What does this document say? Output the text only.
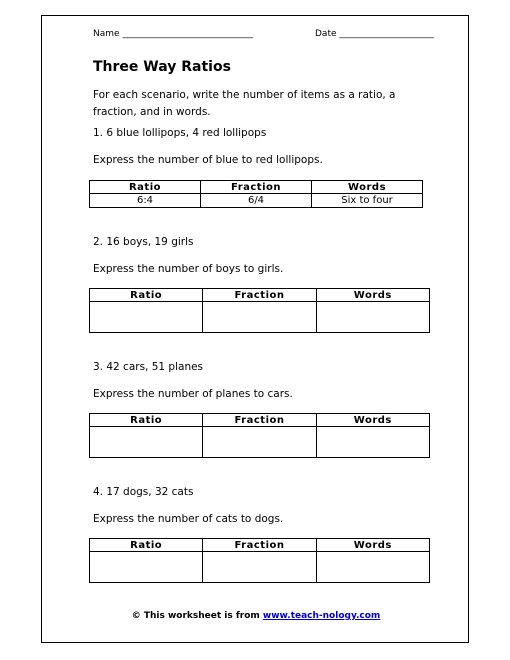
Name _____________________________	Date _____________________
Three Way Ratios
For each scenario, write the number of items as a ratio, a fraction, and in words.
1. 6 blue lollipops, 4 red lollipops
Express the number of blue to red lollipops.
Ratio	Fraction	Words
6:4	6/4	Six to four
2. 16 boys, 19 girls
Express the number of boys to girls.
Ratio	Fraction	Words

3. 42 cars, 51 planes
Express the number of planes to cars.
Ratio	Fraction	Words

4. 17 dogs, 32 cats
Express the number of cats to dogs.
Ratio	Fraction	Words

© This worksheet is from www.teach-nology.com
